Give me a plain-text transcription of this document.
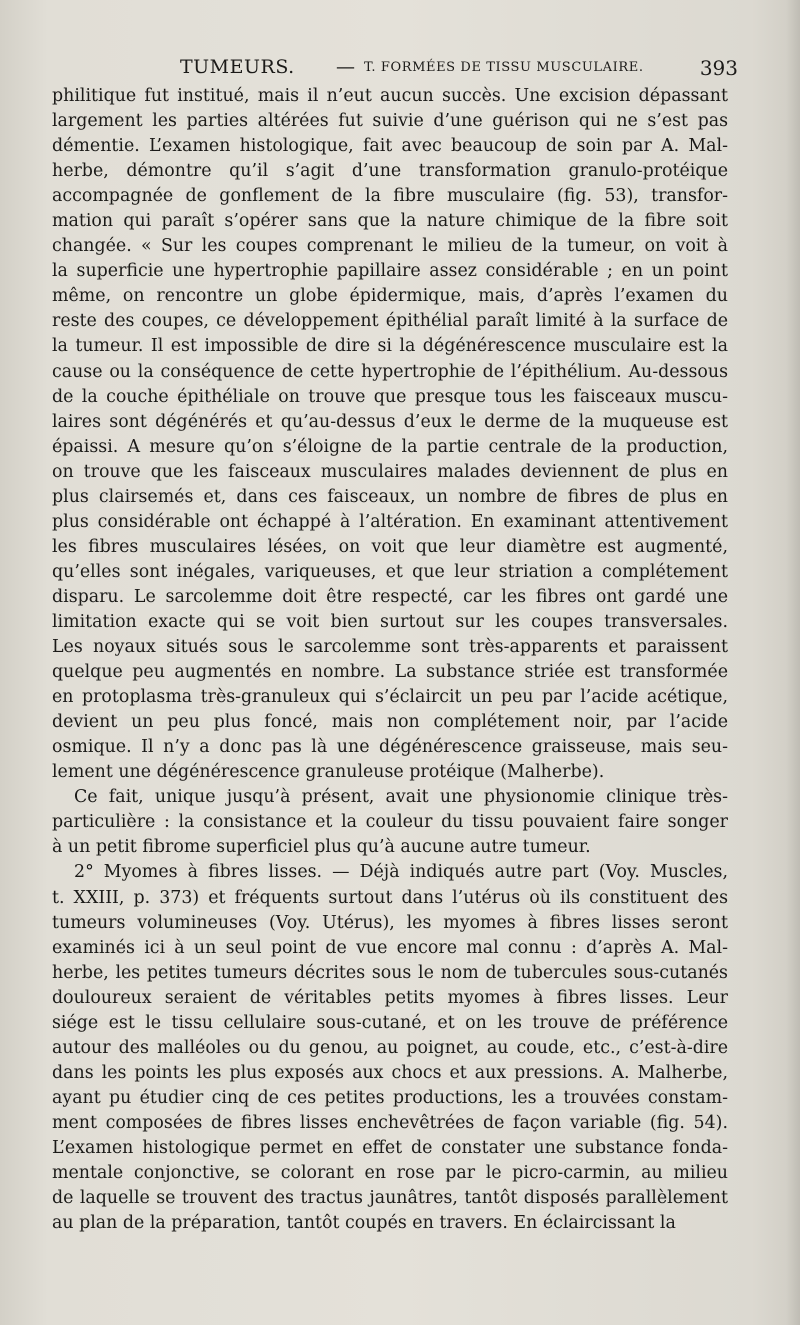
TUMEURS. — T. FORMÉES DE TISSU MUSCULAIRE.	393
philitique fut institué, mais il n’eut aucun succès. Une excision dépassant
largement les parties altérées fut suivie d’une guérison qui ne s’est pas
démentie. L’examen histologique, fait avec beaucoup de soin par A. Mal-
herbe, démontre qu’il s’agit d’une transformation granulo-protéique
accompagnée de gonflement de la fibre musculaire (fig. 53), transfor-
mation qui paraît s’opérer sans que la nature chimique de la fibre soit
changée. « Sur les coupes comprenant le milieu de la tumeur, on voit à
la superficie une hypertrophie papillaire assez considérable ; en un point
même, on rencontre un globe épidermique, mais, d’après l’examen du
reste des coupes, ce développement épithélial paraît limité à la surface de
la tumeur. Il est impossible de dire si la dégénérescence musculaire est la
cause ou la conséquence de cette hypertrophie de l’épithélium. Au-dessous
de la couche épithéliale on trouve que presque tous les faisceaux muscu-
laires sont dégénérés et qu’au-dessus d’eux le derme de la muqueuse est
épaissi. A mesure qu’on s’éloigne de la partie centrale de la production,
on trouve que les faisceaux musculaires malades deviennent de plus en
plus clairsemés et, dans ces faisceaux, un nombre de fibres de plus en
plus considérable ont échappé à l’altération. En examinant attentivement
les fibres musculaires lésées, on voit que leur diamètre est augmenté,
qu’elles sont inégales, variqueuses, et que leur striation a complétement
disparu. Le sarcolemme doit être respecté, car les fibres ont gardé une
limitation exacte qui se voit bien surtout sur les coupes transversales.
Les noyaux situés sous le sarcolemme sont très-apparents et paraissent
quelque peu augmentés en nombre. La substance striée est transformée
en protoplasma très-granuleux qui s’éclaircit un peu par l’acide acétique,
devient un peu plus foncé, mais non complétement noir, par l’acide
osmique. Il n’y a donc pas là une dégénérescence graisseuse, mais seu-
lement une dégénérescence granuleuse protéique (Malherbe).
Ce fait, unique jusqu’à présent, avait une physionomie clinique très-
particulière : la consistance et la couleur du tissu pouvaient faire songer
à un petit fibrome superficiel plus qu’à aucune autre tumeur.
2° Myomes à fibres lisses. — Déjà indiqués autre part (Voy. Muscles,
t. XXIII, p. 373) et fréquents surtout dans l’utérus où ils constituent des
tumeurs volumineuses (Voy. Utérus), les myomes à fibres lisses seront
examinés ici à un seul point de vue encore mal connu : d’après A. Mal-
herbe, les petites tumeurs décrites sous le nom de tubercules sous-cutanés
douloureux seraient de véritables petits myomes à fibres lisses. Leur
siége est le tissu cellulaire sous-cutané, et on les trouve de préférence
autour des malléoles ou du genou, au poignet, au coude, etc., c’est-à-dire
dans les points les plus exposés aux chocs et aux pressions. A. Malherbe,
ayant pu étudier cinq de ces petites productions, les a trouvées constam-
ment composées de fibres lisses enchevêtrées de façon variable (fig. 54).
L’examen histologique permet en effet de constater une substance fonda-
mentale conjonctive, se colorant en rose par le picro-carmin, au milieu
de laquelle se trouvent des tractus jaunâtres, tantôt disposés parallèlement
au plan de la préparation, tantôt coupés en travers. En éclaircissant la
